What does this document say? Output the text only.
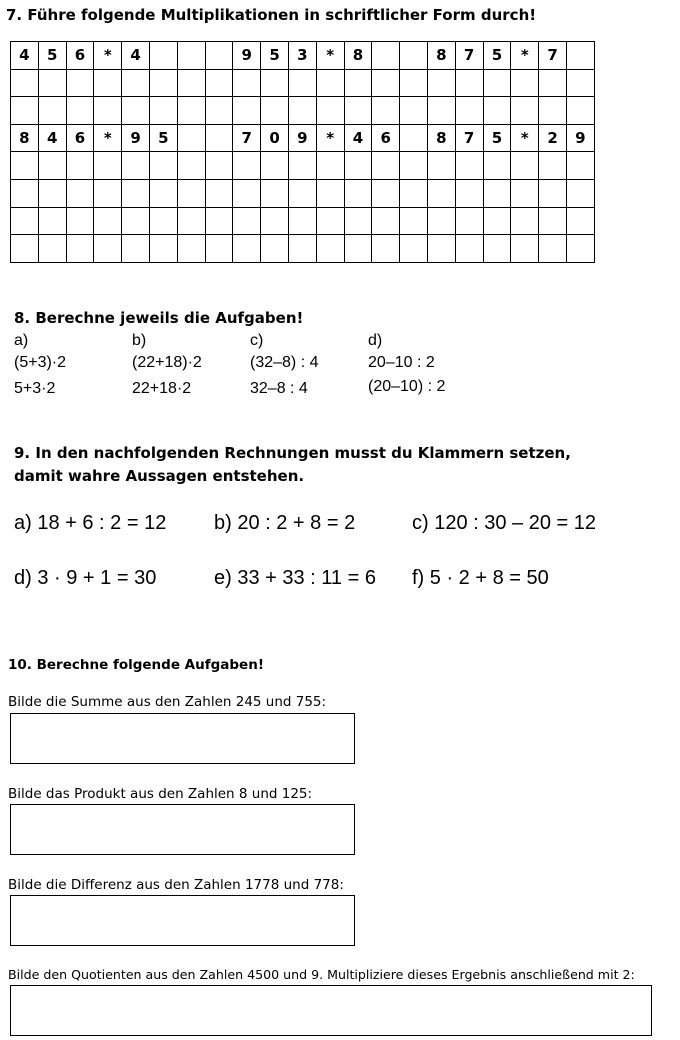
7. Führe folgende Multiplikationen in schriftlicher Form durch!
4	5	6	*	4				9	5	3	*	8			8	7	5	*	7	

8	4	6	*	9	5			7	0	9	*	4	6		8	7	5	*	2	9

8. Berechne jeweils die Aufgaben!
a)
(5+3)·2
5+3·2
b)
(22+18)·2
22+18·2
c)
(32–8) : 4
32–8 : 4
d)
20–10 : 2
(20–10) : 2
9. In den nachfolgenden Rechnungen musst du Klammern setzen,
damit wahre Aussagen entstehen.
a) 18 + 6 : 2 = 12 b) 20 : 2 + 8 = 2	c) 120 : 30 – 20 = 12
d) 3 · 9 + 1 = 30	e) 33 + 33 : 11 = 6 f) 5 · 2 + 8 = 50
10. Berechne folgende Aufgaben!
Bilde die Summe aus den Zahlen 245 und 755:
Bilde das Produkt aus den Zahlen 8 und 125:
Bilde die Differenz aus den Zahlen 1778 und 778:
Bilde den Quotienten aus den Zahlen 4500 und 9. Multipliziere dieses Ergebnis anschließend mit 2:
